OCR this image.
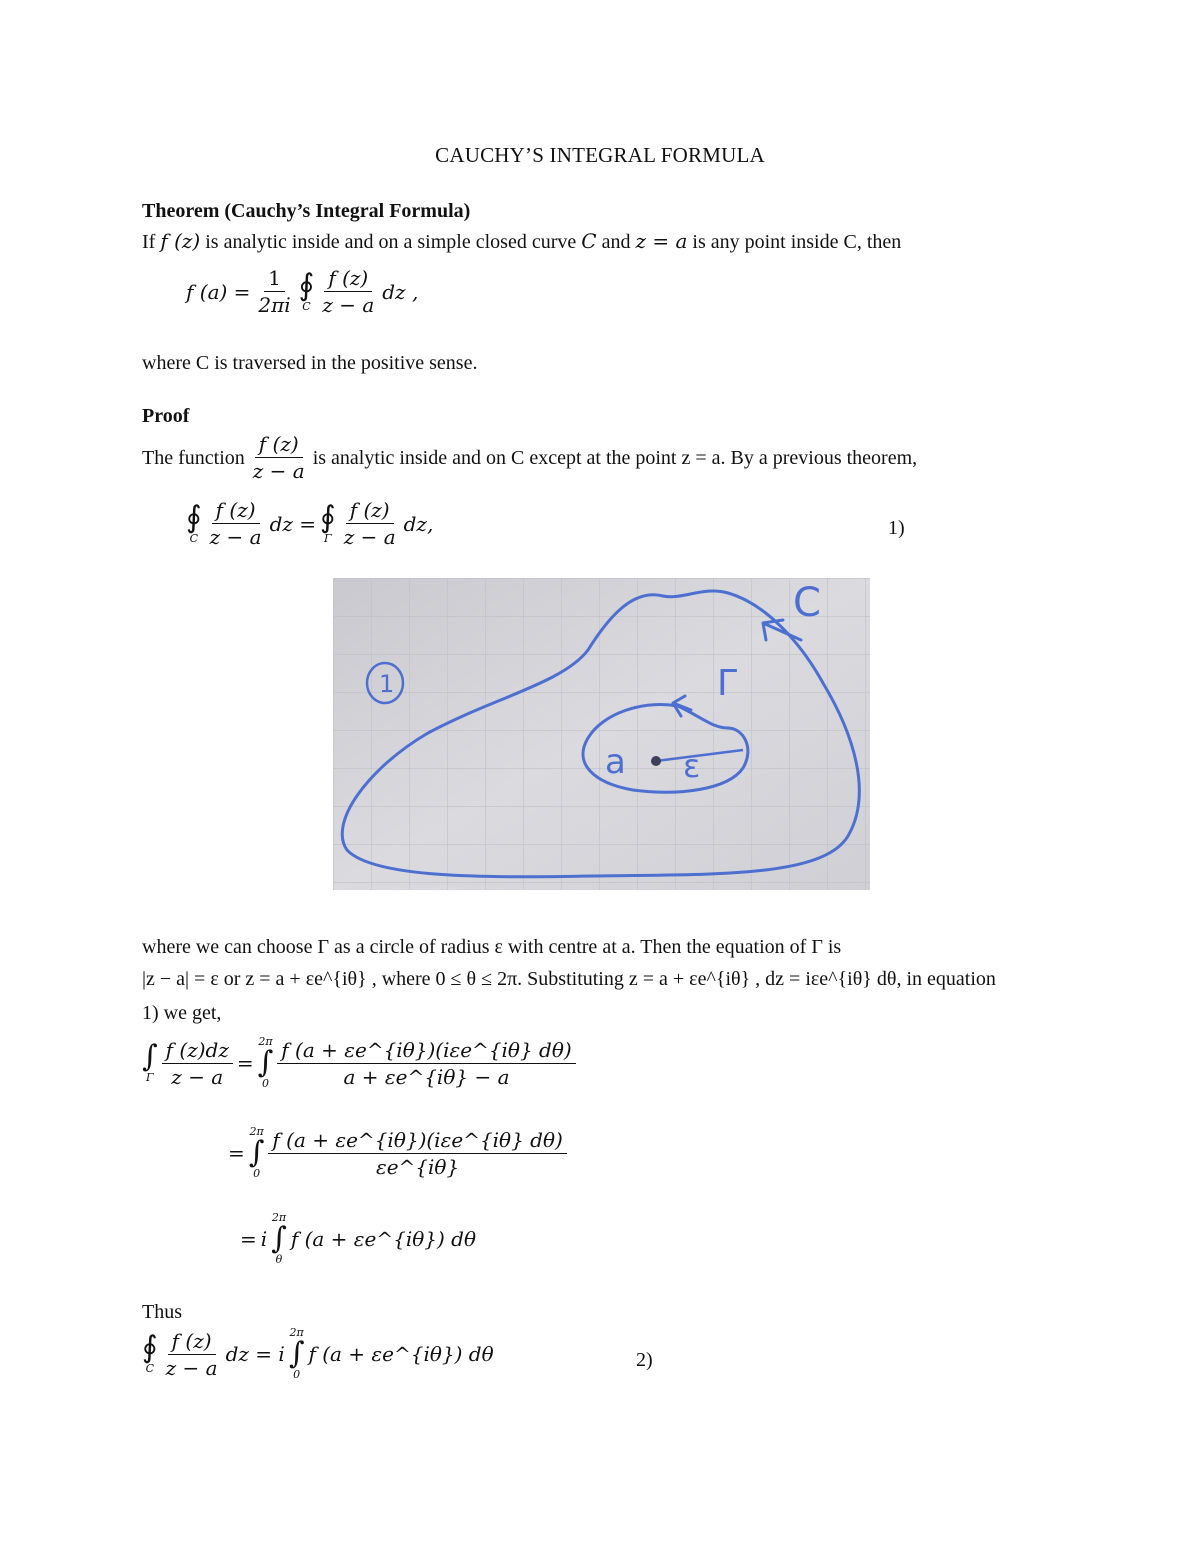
CAUCHY’S INTEGRAL FORMULA
Theorem (Cauchy’s Integral Formula)
If f (z) is analytic inside and on a simple closed curve C and z = a is any point inside C, then
f $(a) = \frac{1}{2\pi i}$ ∮
C $\frac{f (z)}{z - a}$ dz ,
where C is traversed in the positive sense.
Proof
The function $\frac{f (z)}{z - a}$ is analytic inside and on C except at the point z = a. By a previous theorem,
∮
C $\frac{f (z)}{z - a}$ dz = ∮
Γ $\frac{f (z)}{z - a}$ dz,	1)
1
C
Γ
a ε
where we can choose Γ as a circle of radius ε with centre at a. Then the equation of Γ is
|z − a| = ε or z = a + εe^{iθ} , where 0 ≤ θ ≤ 2π. Substituting z = a + εe^{iθ} , dz = iεe^{iθ} dθ, in equation
1) we get,
∫
Γ $\frac{f (z)dz}{z - a}$ =
2π
∫
$0 \frac{\text{f (a + εe\textasciicircum{}\{iθ\})(iεe\textasciicircum{}\{iθ\} dθ)}}{a + \varepsilon e\^{}\{i\theta\} - a}$
=
2π
∫
$0 \frac{\text{f (a + εe\textasciicircum{}\{iθ\})(iεe\textasciicircum{}\{iθ\} dθ)}}{\varepsilon e\^{}\{i\theta\}}$
= i
2π
∫
θ
f (a + εe^{iθ}) dθ
Thus
∮
C $\frac{f (z)}{z - a}$ dz = i
2π
∫
0
f (a + εe^{iθ}) dθ	2)
